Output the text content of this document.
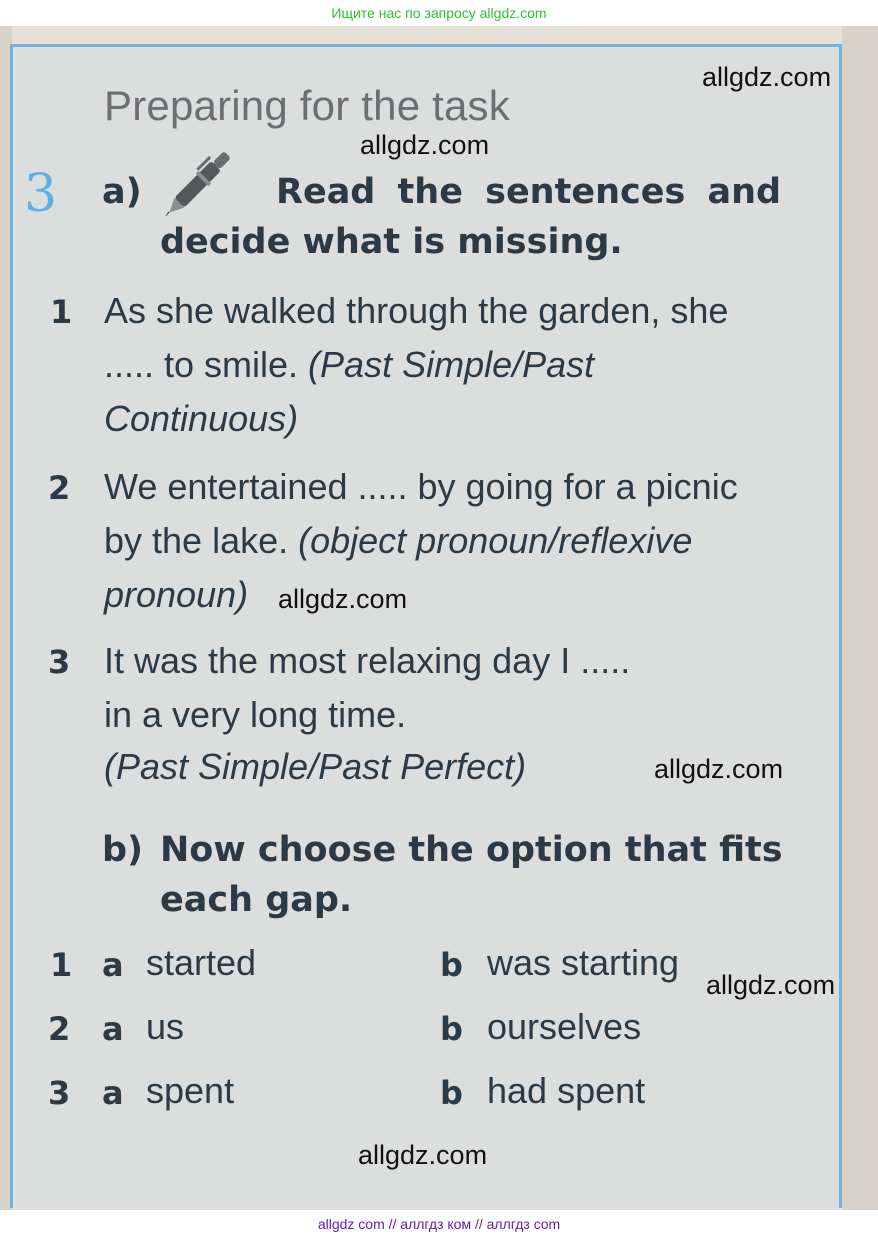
Ищите нас по запросу allgdz.com
Preparing for the task
3 a)	Read the sentences and
decide what is missing.
1 As she walked through the garden, she
..... to smile. (Past Simple/Past
Continuous)
2 We entertained ..... by going for a picnic
by the lake. (object pronoun/reflexive
pronoun)
3 It was the most relaxing day I .....
in a very long time.
(Past Simple/Past Perfect)
b) Now choose the option that fits
each gap.
1 a started	b was starting
2 a us	b ourselves
3 a spent	b had spent
allgdz.com
allgdz.com
allgdz.com
allgdz.com
allgdz.com
allgdz.com
allgdz com // аллгдз ком // аллгдз com
